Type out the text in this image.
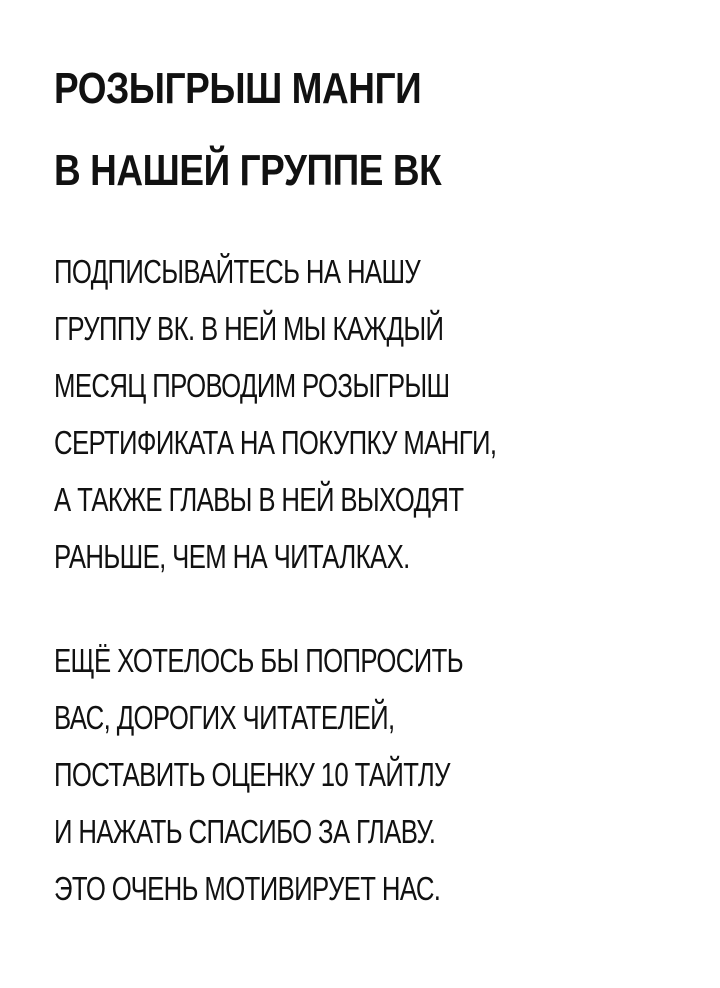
РОЗЫГРЫШ МАНГИ
В НАШЕЙ ГРУППЕ ВК

ПОДПИСЫВАЙТЕСЬ НА НАШУ
ГРУППУ ВК. В НЕЙ МЫ КАЖДЫЙ
МЕСЯЦ ПРОВОДИМ РОЗЫГРЫШ
СЕРТИФИКАТА НА ПОКУПКУ МАНГИ,
А ТАКЖЕ ГЛАВЫ В НЕЙ ВЫХОДЯТ
РАНЬШЕ, ЧЕМ НА ЧИТАЛКАХ.

ЕЩЁ ХОТЕЛОСЬ БЫ ПОПРОСИТЬ
ВАС, ДОРОГИХ ЧИТАТЕЛЕЙ,
ПОСТАВИТЬ ОЦЕНКУ 10 ТАЙТЛУ
И НАЖАТЬ СПАСИБО ЗА ГЛАВУ.
ЭТО ОЧЕНЬ МОТИВИРУЕТ НАС.
